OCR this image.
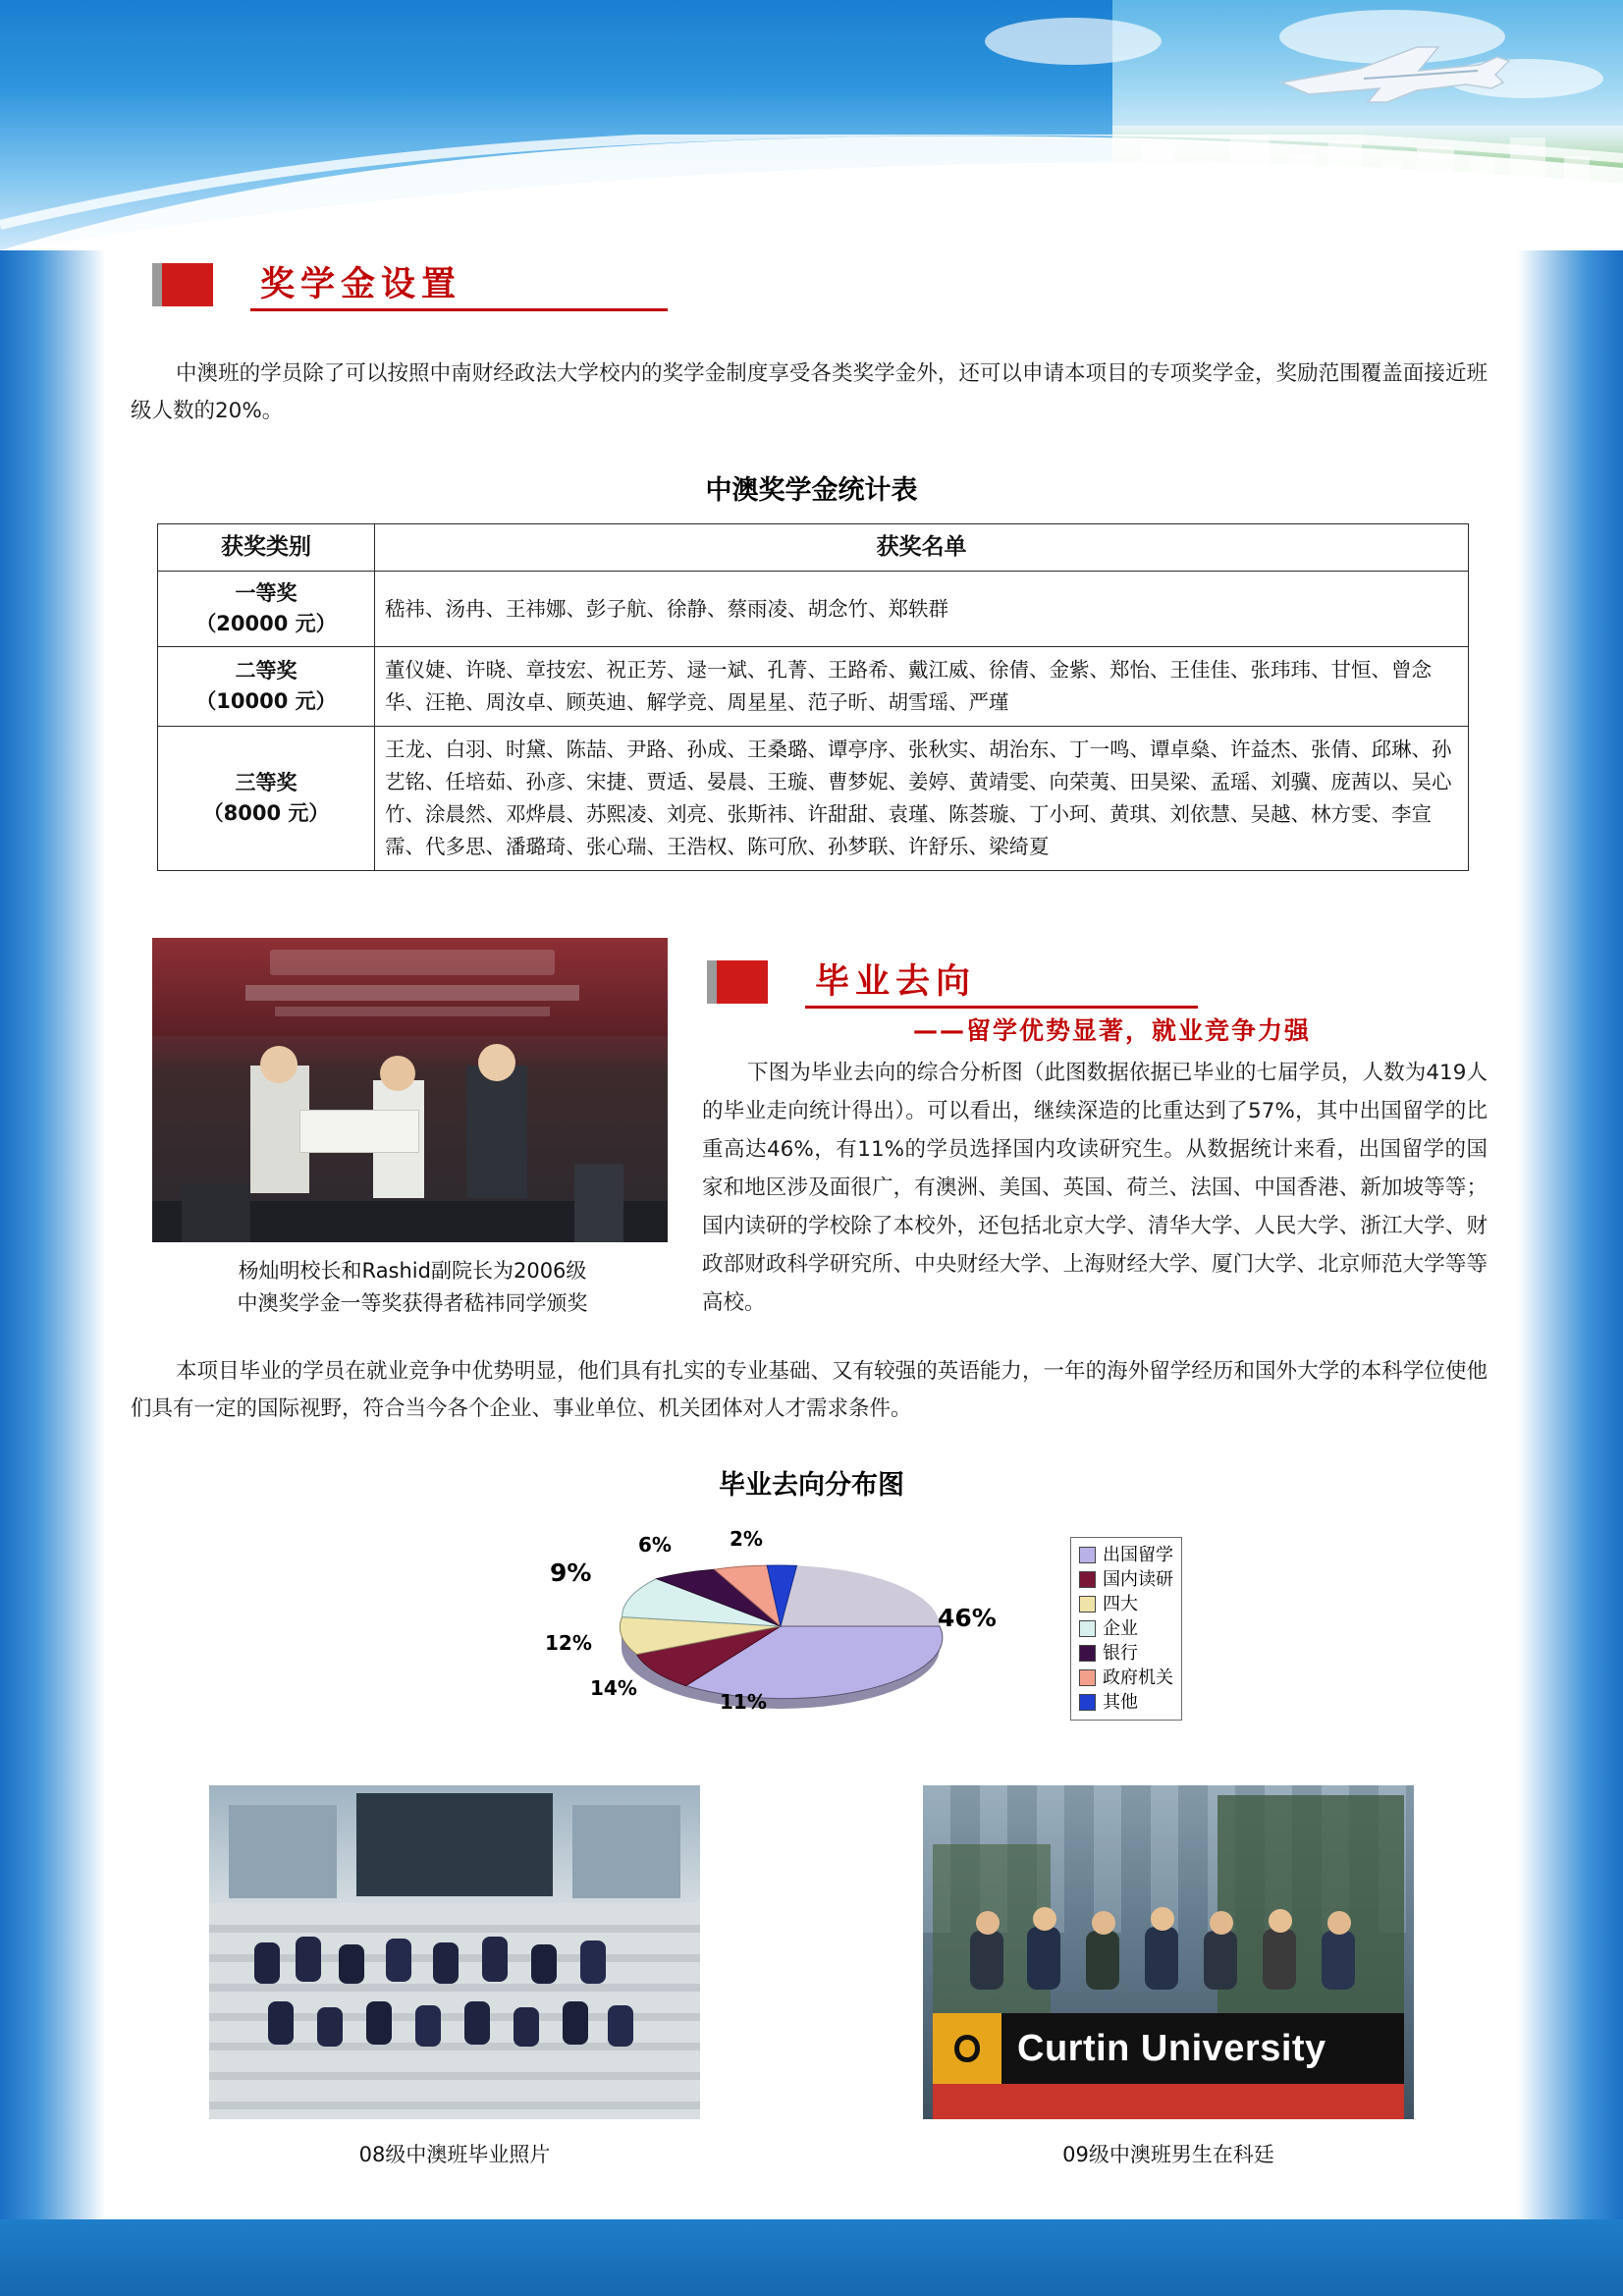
奖学金设置
中澳班的学员除了可以按照中南财经政法大学校内的奖学金制度享受各类奖学金外，还可以申请本项目的专项奖学金，奖励范围覆盖面接近班级人数的20%。
中澳奖学金统计表
获奖类别	获奖名单

一等奖
（20000 元）	嵇祎、汤冉、王祎娜、彭子航、徐静、蔡雨凌、胡念竹、郑轶群

二等奖
（10000 元）	董仪婕、许晓、章技宏、祝正芳、逯一斌、孔菁、王路希、戴江威、徐倩、金紫、郑怡、王佳佳、张玮玮、甘恒、曾念华、汪艳、周汝卓、顾英迪、解学竞、周星星、范子昕、胡雪瑶、严瑾

三等奖
（8000 元）	王龙、白羽、时黛、陈喆、尹路、孙成、王桑璐、谭亭序、张秋实、胡治东、丁一鸣、谭卓燊、许益杰、张倩、邱琳、孙艺铭、任培茹、孙彦、宋捷、贾适、晏晨、王璇、曹梦妮、姜婷、黄靖雯、向荣荑、田昊梁、孟瑶、刘骥、庞茜以、吴心竹、涂晨然、邓烨晨、苏熙凌、刘亮、张斯祎、许甜甜、袁瑾、陈荟璇、丁小珂、黄琪、刘依慧、吴越、林方雯、李宣霈、代多思、潘璐琦、张心瑞、王浩权、陈可欣、孙梦联、许舒乐、梁绮夏
杨灿明校长和Rashid副院长为2006级
中澳奖学金一等奖获得者嵇祎同学颁奖
毕业去向
——留学优势显著，就业竞争力强
下图为毕业去向的综合分析图（此图数据依据已毕业的七届学员，人数为419人的毕业走向统计得出）。可以看出，继续深造的比重达到了57%，其中出国留学的比重高达46%，有11%的学员选择国内攻读研究生。从数据统计来看，出国留学的国家和地区涉及面很广，有澳洲、美国、英国、荷兰、法国、中国香港、新加坡等等；国内读研的学校除了本校外，还包括北京大学、清华大学、人民大学、浙江大学、财政部财政科学研究所、中央财经大学、上海财经大学、厦门大学、北京师范大学等等高校。
本项目毕业的学员在就业竞争中优势明显，他们具有扎实的专业基础、又有较强的英语能力，一年的海外留学经历和国外大学的本科学位使他们具有一定的国际视野，符合当今各个企业、事业单位、机关团体对人才需求条件。
毕业去向分布图
46%
11%
14%
12%
9%
6%	2%
出国留学
国内读研
四大
企业
银行
政府机关
其他
08级中澳班毕业照片
Curtin University
09级中澳班男生在科廷
